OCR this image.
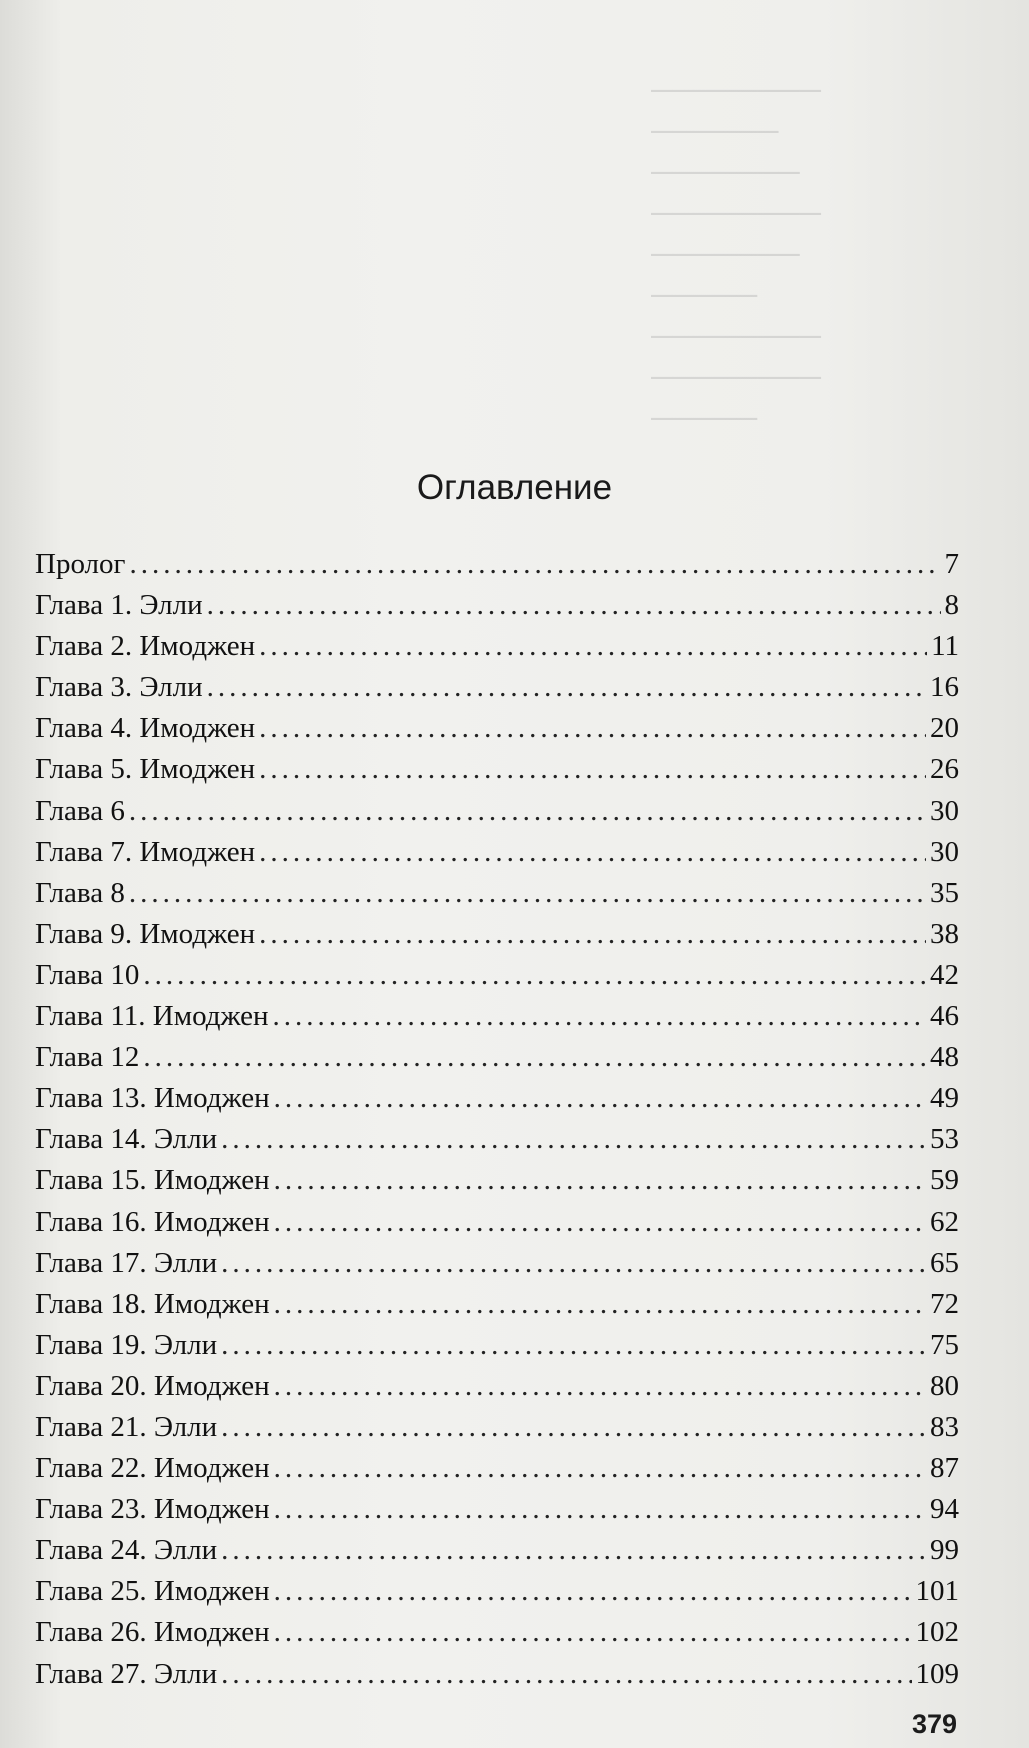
────────
──────
───────
────────
───────
─────
────────
────────
─────
Оглавление
Пролог .....	7
Глава 1. Элли .....	8
Глава 2. Имоджен .....	11
Глава 3. Элли .....	16
Глава 4. Имоджен .....	20
Глава 5. Имоджен .....	26
Глава 6 .....	30
Глава 7. Имоджен .....	30
Глава 8 .....	35
Глава 9. Имоджен .....	38
Глава 10 .....	42
Глава 11. Имоджен .....	46
Глава 12 .....	48
Глава 13. Имоджен .....	49
Глава 14. Элли .....	53
Глава 15. Имоджен .....	59
Глава 16. Имоджен .....	62
Глава 17. Элли .....	65
Глава 18. Имоджен .....	72
Глава 19. Элли .....	75
Глава 20. Имоджен .....	80
Глава 21. Элли .....	83
Глава 22. Имоджен .....	87
Глава 23. Имоджен .....	94
Глава 24. Элли .....	99
Глава 25. Имоджен .....	101
Глава 26. Имоджен .....	102
Глава 27. Элли .....	109
379
